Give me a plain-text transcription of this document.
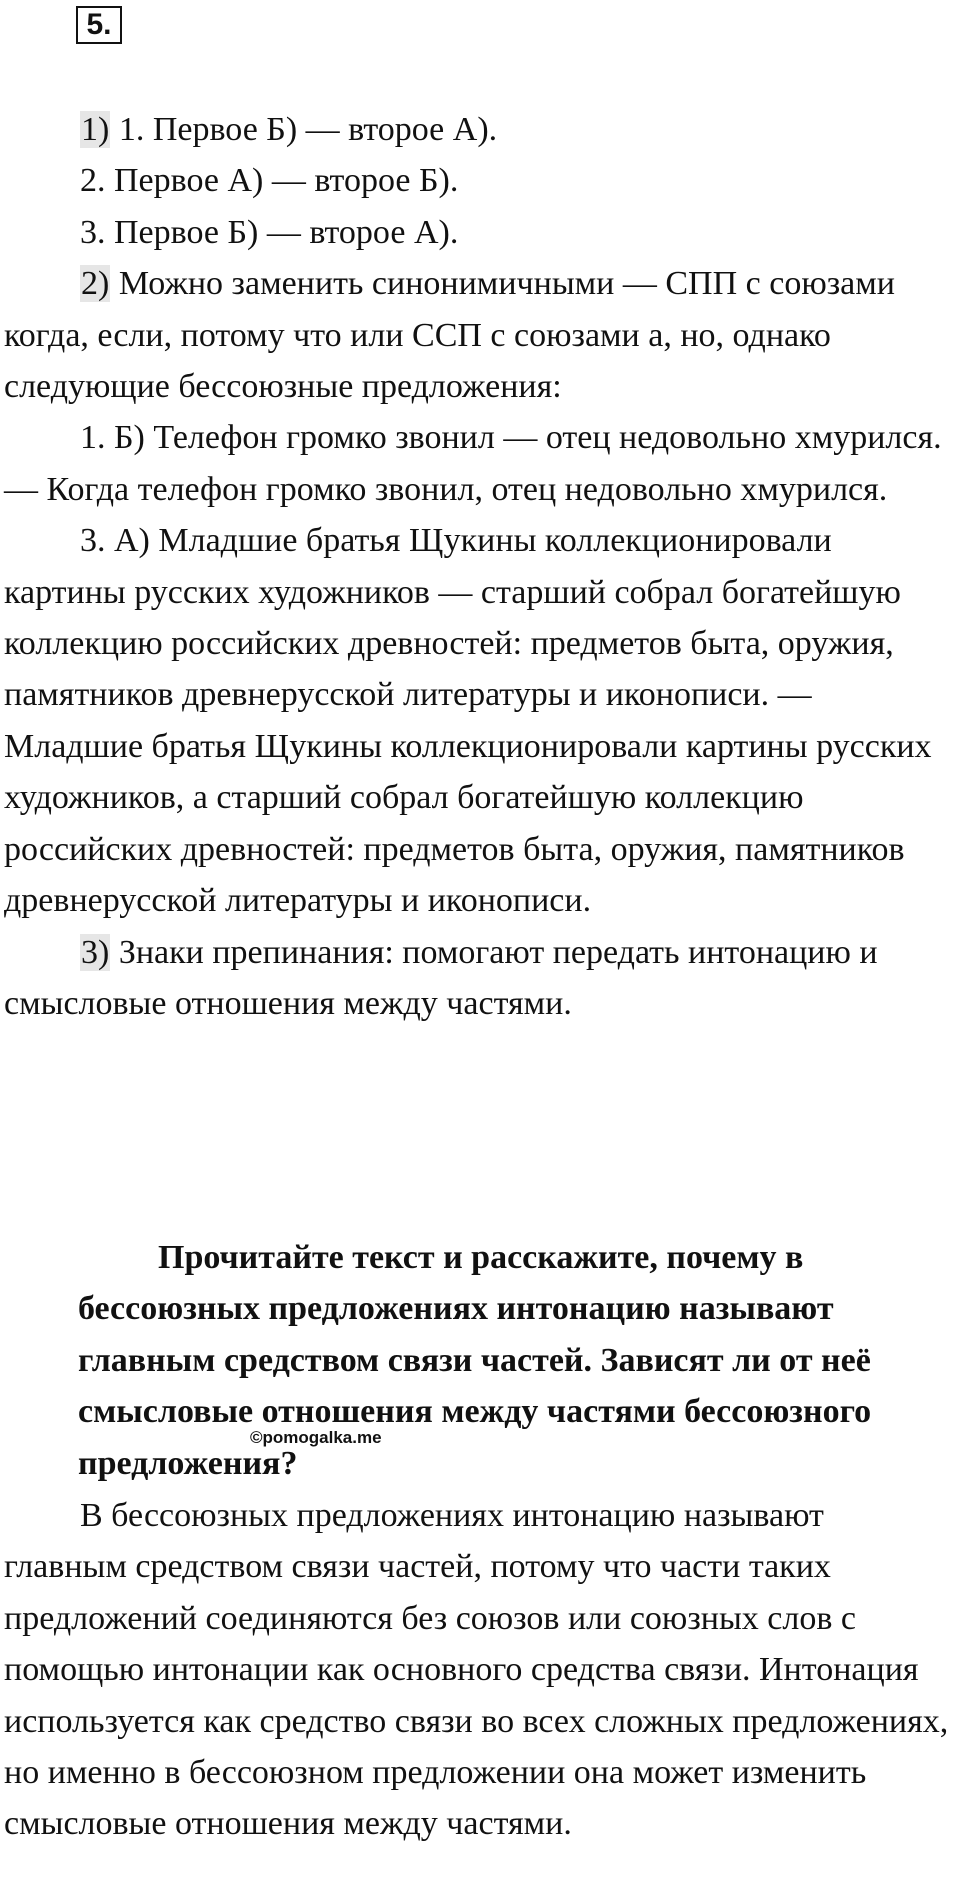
5.

1) 1. Первое Б) — второе А).

2. Первое А) — второе Б).

3. Первое Б) — второе А).

2) Можно заменить синонимичными — СПП с союзами когда, если, потому что или ССП с союзами а, но, однако следующие бессоюзные предложения:

1. Б) Телефон громко звонил — отец недовольно хмурился. — Когда телефон громко звонил, отец недовольно хмурился.

3. А) Младшие братья Щукины коллекционировали картины русских художников — старший собрал богатейшую коллекцию российских древностей: предметов быта, оружия, памятников древнерусской литературы и иконописи. — Младшие братья Щукины коллекционировали картины русских художников, а старший собрал богатейшую коллекцию российских древностей: предметов быта, оружия, памятников древнерусской литературы и иконописи.

3) Знаки препинания: помогают передать интонацию и смысловые отношения между частями.

Прочитайте текст и расскажите, почему в бессоюзных предложениях интонацию называют главным средством связи частей. Зависят ли от неё смысловые отношения между частями бессоюзного предложения?

©pomogalka.me

В бессоюзных предложениях интонацию называют главным средством связи частей, потому что части таких предложений соединяются без союзов или союзных слов с помощью интонации как основного средства связи. Интонация используется как средство связи во всех сложных предложениях, но именно в бессоюзном предложении она может изменить смысловые отношения между частями.
